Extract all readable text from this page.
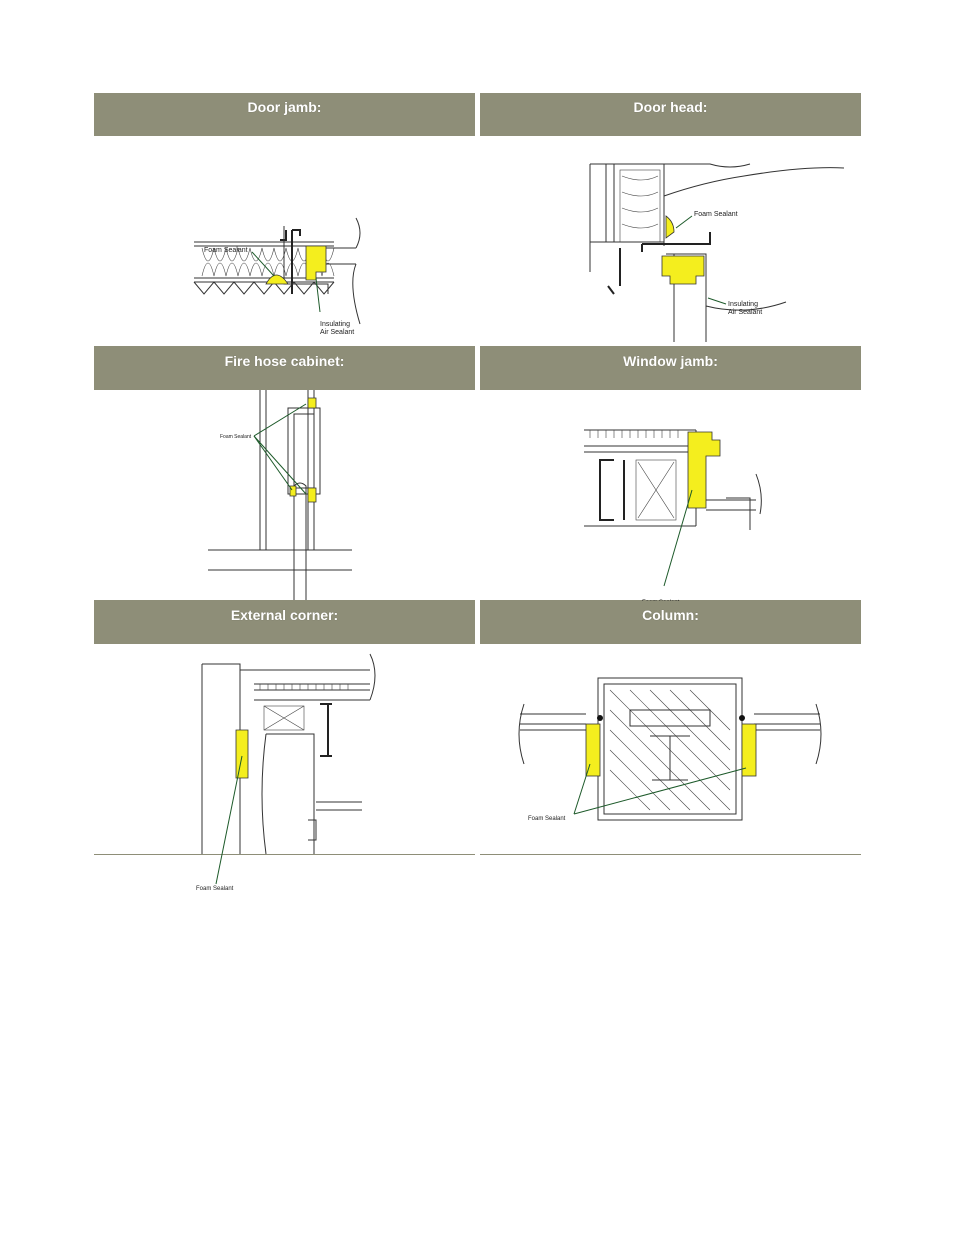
Door jamb:
Foam Sealant
Insulating
Air Sealant
Door head:
Foam Sealant
Insulating
Air Sealant
Fire hose cabinet:
Foam Sealant
Window jamb:
External corner:
Foam Sealant
Column:
Foam Sealant
